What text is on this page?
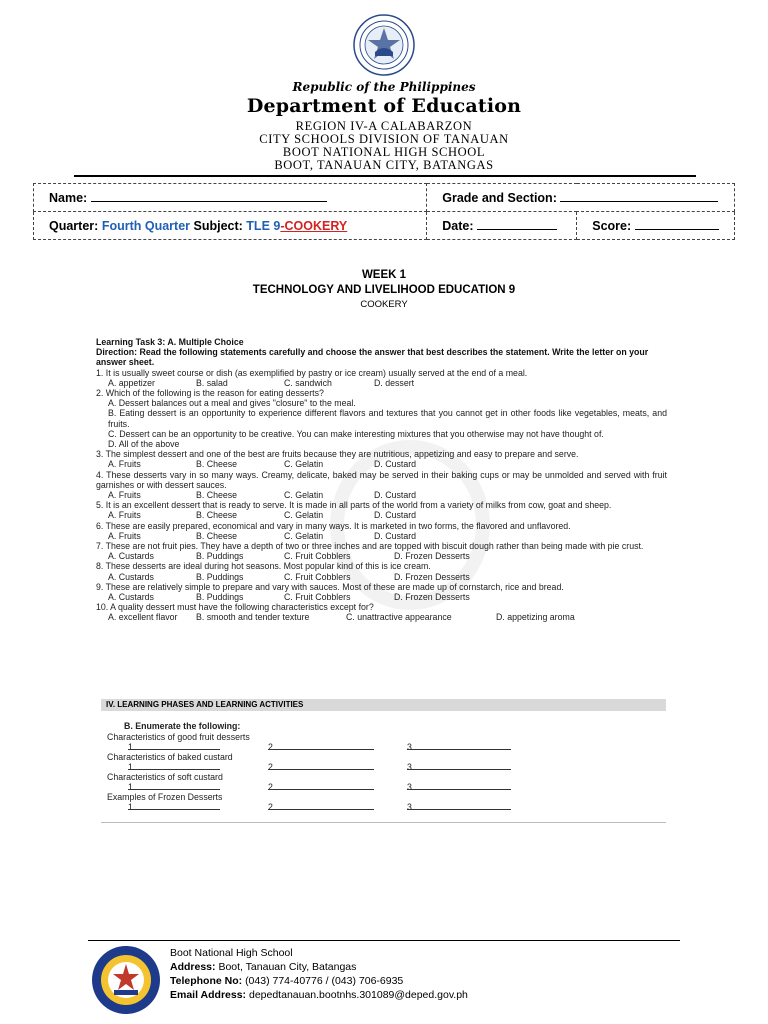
Republic of the Philippines
Department of Education
REGION IV-A CALABARZON
CITY SCHOOLS DIVISION OF TANAUAN
BOOT NATIONAL HIGH SCHOOL
BOOT, TANAUAN CITY, BATANGAS
Name:	Grade and Section:	
Quarter: Fourth Quarter Subject: TLE 9-COOKERY	Date:	Score:
WEEK 1
TECHNOLOGY AND LIVELIHOOD EDUCATION 9
COOKERY
Learning Task 3: A. Multiple Choice
Direction: Read the following statements carefully and choose the answer that best describes the statement. Write the letter on your answer sheet.
1. It is usually sweet course or dish (as exemplified by pastry or ice cream) usually served at the end of a meal.
A. appetizer	B. salad	C. sandwich	D. dessert
2. Which of the following is the reason for eating desserts?
A. Dessert balances out a meal and gives "closure" to the meal.
B. Eating dessert is an opportunity to experience different flavors and textures that you cannot get in other foods like vegetables, meats, and fruits.
C. Dessert can be an opportunity to be creative. You can make interesting mixtures that you otherwise may not have thought of.
D. All of the above
3. The simplest dessert and one of the best are fruits because they are nutritious, appetizing and easy to prepare and serve.
A. Fruits	B. Cheese	C. Gelatin	D. Custard
4. These desserts vary in so many ways. Creamy, delicate, baked may be served in their baking cups or may be unmolded and served with fruit garnishes or with dessert sauces.
A. Fruits	B. Cheese	C. Gelatin	D. Custard
5. It is an excellent dessert that is ready to serve. It is made in all parts of the world from a variety of milks from cow, goat and sheep.
A. Fruits	B. Cheese	C. Gelatin	D. Custard
6. These are easily prepared, economical and vary in many ways. It is marketed in two forms, the flavored and unflavored.
A. Fruits	B. Cheese	C. Gelatin	D. Custard
7. These are not fruit pies. They have a depth of two or three inches and are topped with biscuit dough rather than being made with pie crust.
A. Custards	B. Puddings	C. Fruit Cobblers	D. Frozen Desserts
8. These desserts are ideal during hot seasons. Most popular kind of this is ice cream.
A. Custards	B. Puddings	C. Fruit Cobblers	D. Frozen Desserts
9. These are relatively simple to prepare and vary with sauces. Most of these are made up of cornstarch, rice and bread.
A. Custards	B. Puddings	C. Fruit Cobblers	D. Frozen Desserts
10. A quality dessert must have the following characteristics except for?
A. excellent flavor B. smooth and tender texture	C. unattractive appearance	D. appetizing aroma
IV. LEARNING PHASES AND LEARNING ACTIVITIES
B. Enumerate the following:
Characteristics of good fruit desserts
1.	2.	3.
Characteristics of baked custard
1.	2.	3.
Characteristics of soft custard
1.	2.	3.
Examples of Frozen Desserts
1.	2.	3.
Boot National High School
Address: Boot, Tanauan City, Batangas
Telephone No: (043) 774-40776 / (043) 706-6935
Email Address: depedtanauan.bootnhs.301089@deped.gov.ph
